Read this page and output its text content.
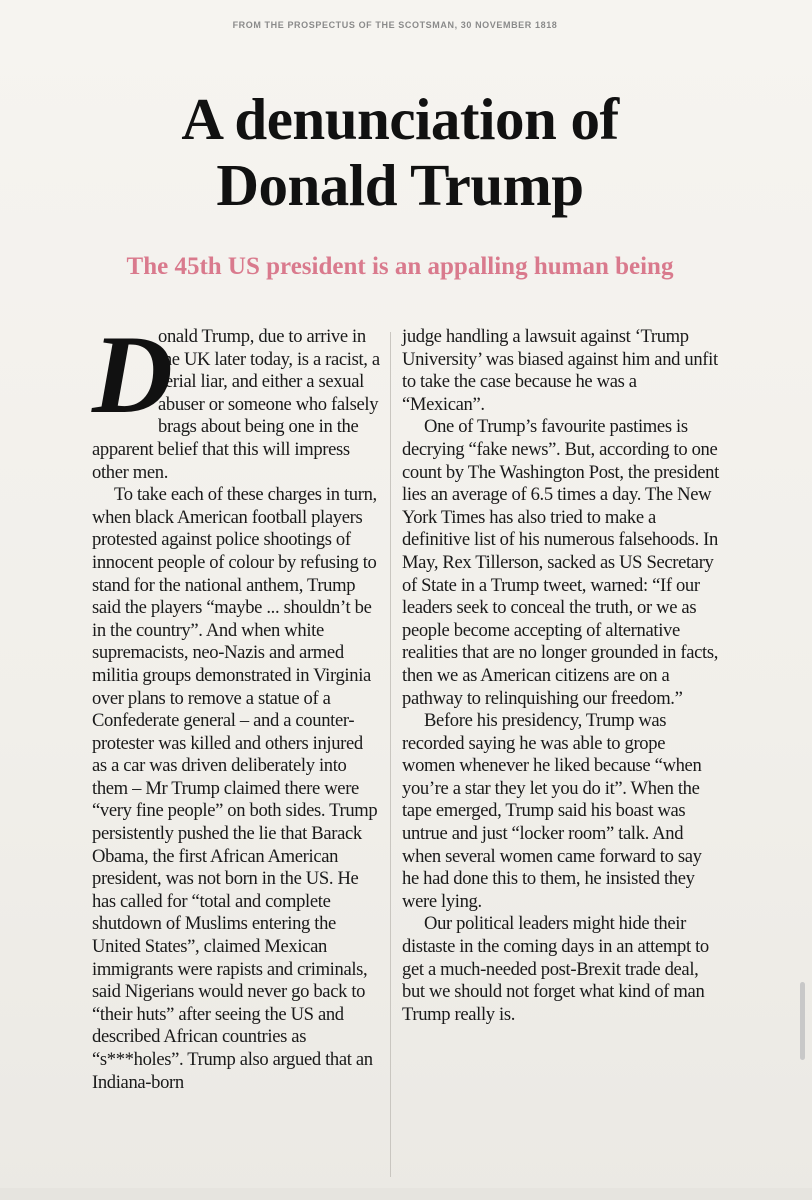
FROM THE PROSPECTUS OF THE SCOTSMAN, 30 NOVEMBER 1818
A denunciation of
Donald Trump
The 45th US president is an appalling human being
D

onald Trump, due to arrive in the UK later today, is a racist, a serial liar, and either a sexual abuser or someone who falsely brags about being one in the apparent belief that this will impress other men.

To take each of these charges in turn, when black American football players protested against police shootings of innocent people of colour by refusing to stand for the national anthem, Trump said the players “maybe ... shouldn’t be in the country”. And when white supremacists, neo-Nazis and armed militia groups demonstrated in Virginia over plans to remove a statue of a Confederate general – and a counter-protester was killed and others injured as a car was driven deliberately into them – Mr Trump claimed there were “very fine people” on both sides. Trump persistently pushed the lie that Barack Obama, the first African American president, was not born in the US. He has called for “total and complete shutdown of Muslims entering the United States”, claimed Mexican immigrants were rapists and criminals, said Nigerians would never go back to “their huts” after seeing the US and described African countries as “s***holes”. Trump also argued that an Indiana-born

judge handling a lawsuit against ‘Trump University’ was biased against him and unfit to take the case because he was a “Mexican”.

One of Trump’s favourite pastimes is decrying “fake news”. But, according to one count by The Washington Post, the president lies an average of 6.5 times a day. The New York Times has also tried to make a definitive list of his numerous falsehoods. In May, Rex Tillerson, sacked as US Secretary of State in a Trump tweet, warned: “If our leaders seek to conceal the truth, or we as people become accepting of alternative realities that are no longer grounded in facts, then we as American citizens are on a pathway to relinquishing our freedom.”

Before his presidency, Trump was recorded saying he was able to grope women whenever he liked because “when you’re a star they let you do it”. When the tape emerged, Trump said his boast was untrue and just “locker room” talk. And when several women came forward to say he had done this to them, he insisted they were lying.

Our political leaders might hide their distaste in the coming days in an attempt to get a much-needed post-Brexit trade deal, but we should not forget what kind of man Trump really is.
